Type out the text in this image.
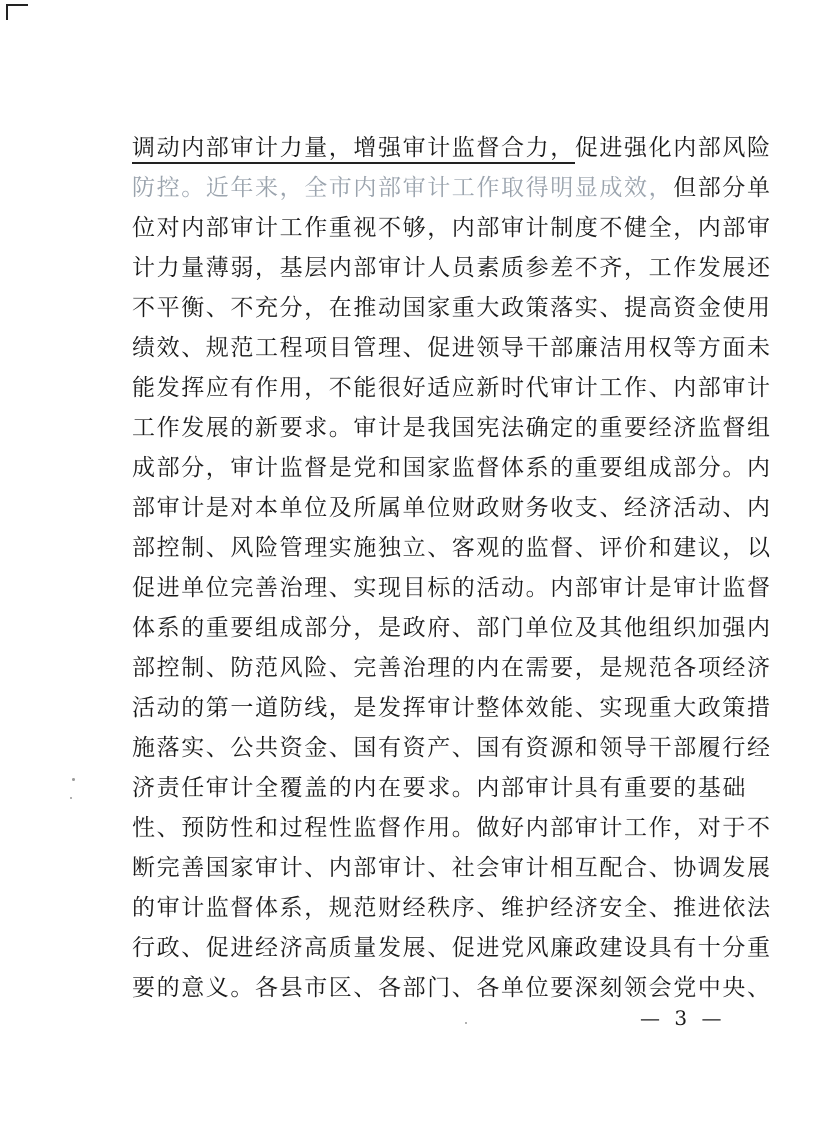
调动内部审计力量，增强审计监督合力，促进强化内部风险
防控。近年来，全市内部审计工作取得明显成效，但部分单
位对内部审计工作重视不够，内部审计制度不健全，内部审
计力量薄弱，基层内部审计人员素质参差不齐，工作发展还
不平衡、不充分，在推动国家重大政策落实、提高资金使用
绩效、规范工程项目管理、促进领导干部廉洁用权等方面未
能发挥应有作用，不能很好适应新时代审计工作、内部审计
工作发展的新要求。审计是我国宪法确定的重要经济监督组
成部分，审计监督是党和国家监督体系的重要组成部分。内
部审计是对本单位及所属单位财政财务收支、经济活动、内
部控制、风险管理实施独立、客观的监督、评价和建议，以
促进单位完善治理、实现目标的活动。内部审计是审计监督
体系的重要组成部分，是政府、部门单位及其他组织加强内
部控制、防范风险、完善治理的内在需要，是规范各项经济
活动的第一道防线，是发挥审计整体效能、实现重大政策措
施落实、公共资金、国有资产、国有资源和领导干部履行经
济责任审计全覆盖的内在要求。内部审计具有重要的基础
性、预防性和过程性监督作用。做好内部审计工作，对于不
断完善国家审计、内部审计、社会审计相互配合、协调发展
的审计监督体系，规范财经秩序、维护经济安全、推进依法
行政、促进经济高质量发展、促进党风廉政建设具有十分重
要的意义。各县市区、各部门、各单位要深刻领会党中央、
— 3 —
